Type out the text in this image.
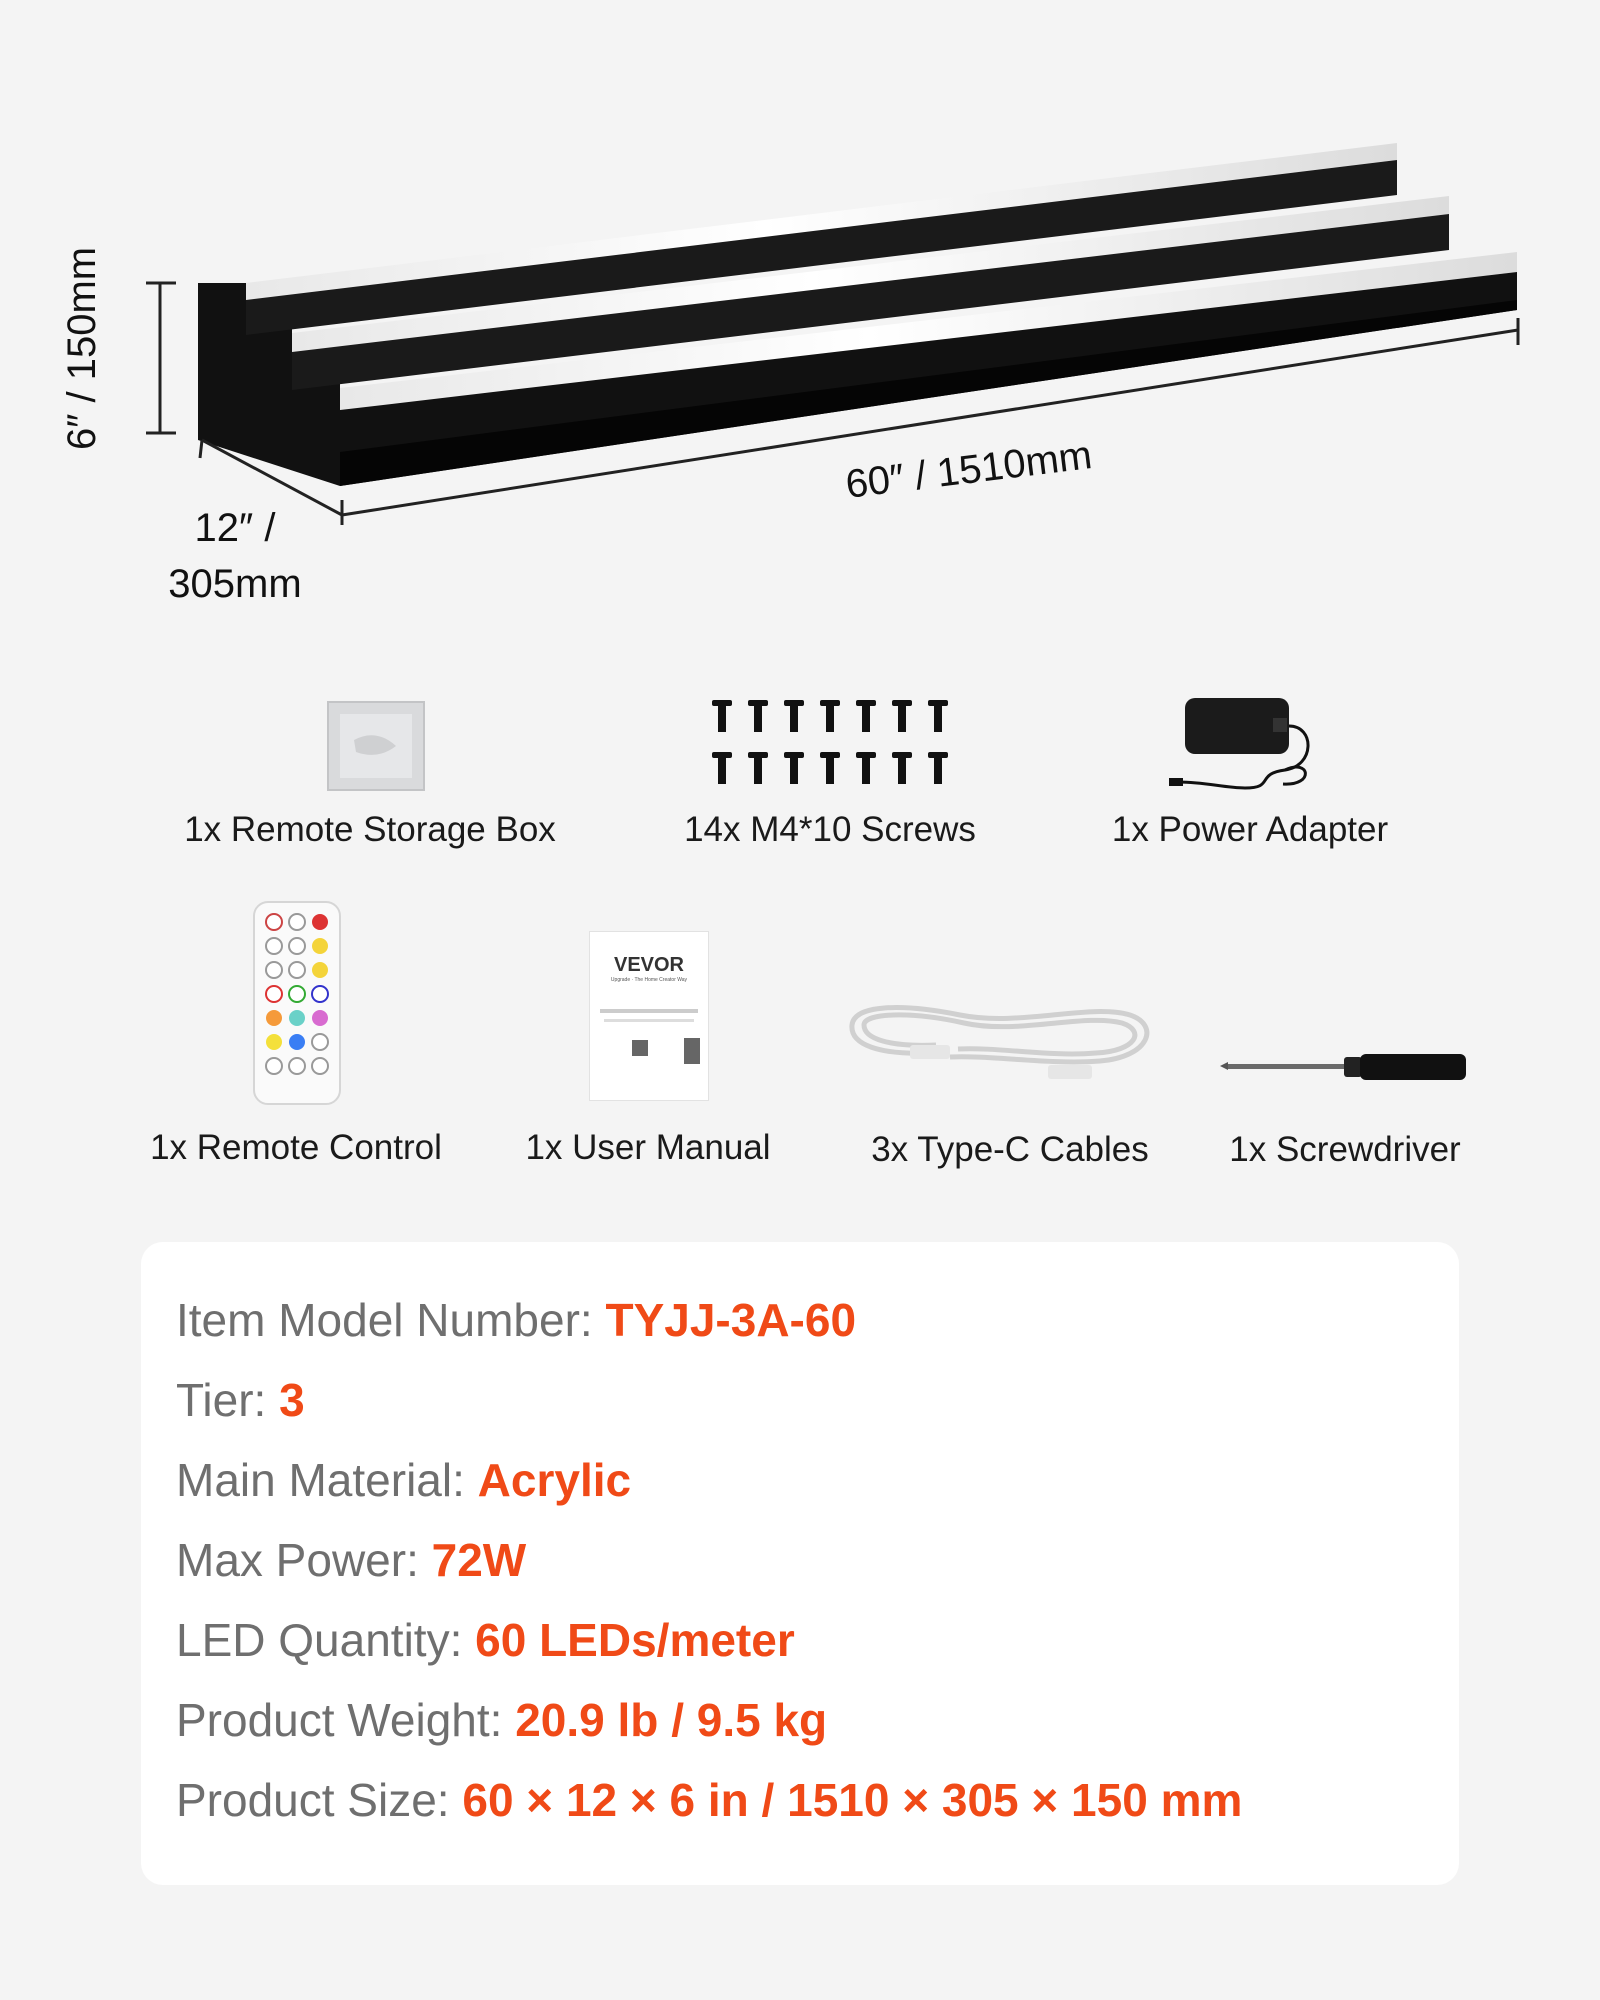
6″ / 150mm
60″ / 1510mm
12″ /
305mm
1x Remote Storage Box	14x M4*10 Screws	1x Power Adapter
1x Remote Control
VEVOR
Upgrade · The Home Creator Way
1x User Manual	3x Type-C Cables	1x Screwdriver
Item Model Number: TYJJ-3A-60
Tier: 3
Main Material: Acrylic
Max Power: 72W
LED Quantity: 60 LEDs/meter
Product Weight: 20.9 lb / 9.5 kg
Product Size: 60 × 12 × 6 in / 1510 × 305 × 150 mm
